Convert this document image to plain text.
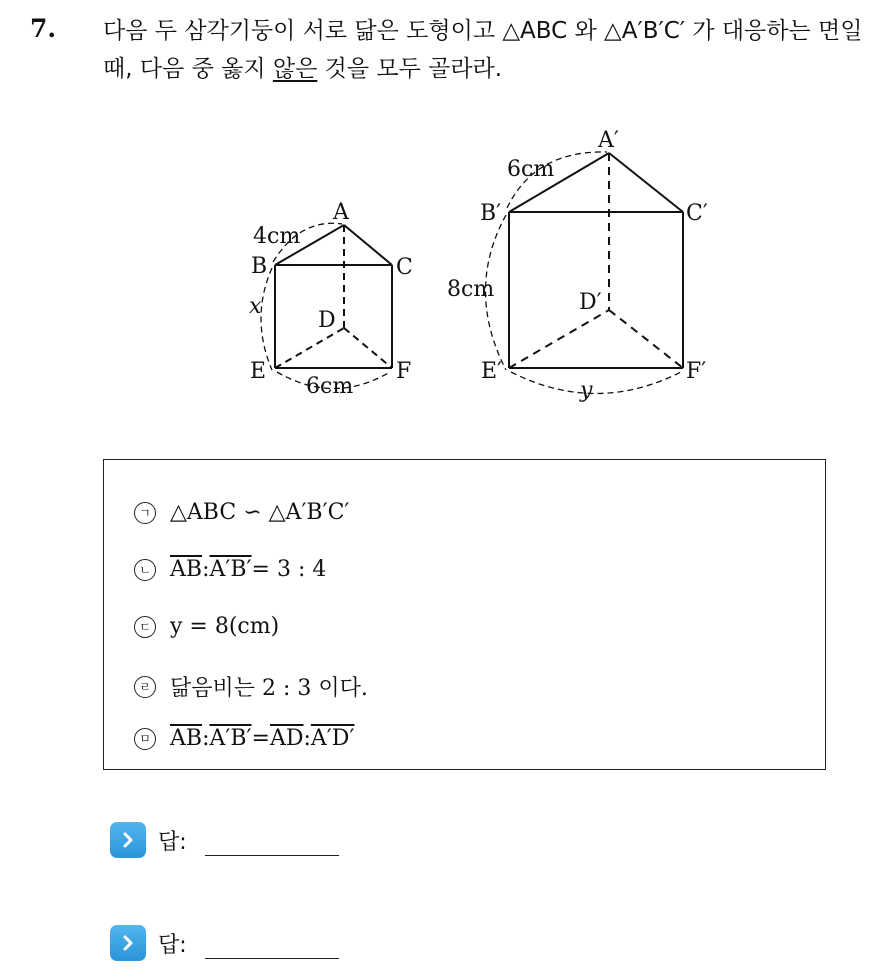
7. 다음 두 삼각기둥이 서로 닮은 도형이고 △ABC 와 △A′B′C′ 가 대응하는 면일 때, 다음 중 옳지 않은 것을 모두 골라라.
A
B	C
D
E	F
4cm
x
6cm
A′
B′	C′
D′
E′	F′
6cm
8cm
y
ㄱ △ABC ∽ △A′B′C′
ㄴ $\overline{AB}$ : A′B′ = 3 : 4
ㄷ y = 8(cm)
ㄹ 닮음비는 2 : 3 이다.
ㅁ $\overline{AB}$ : $A'B' = \overline{AD}$ : A′D′
답:
답:
